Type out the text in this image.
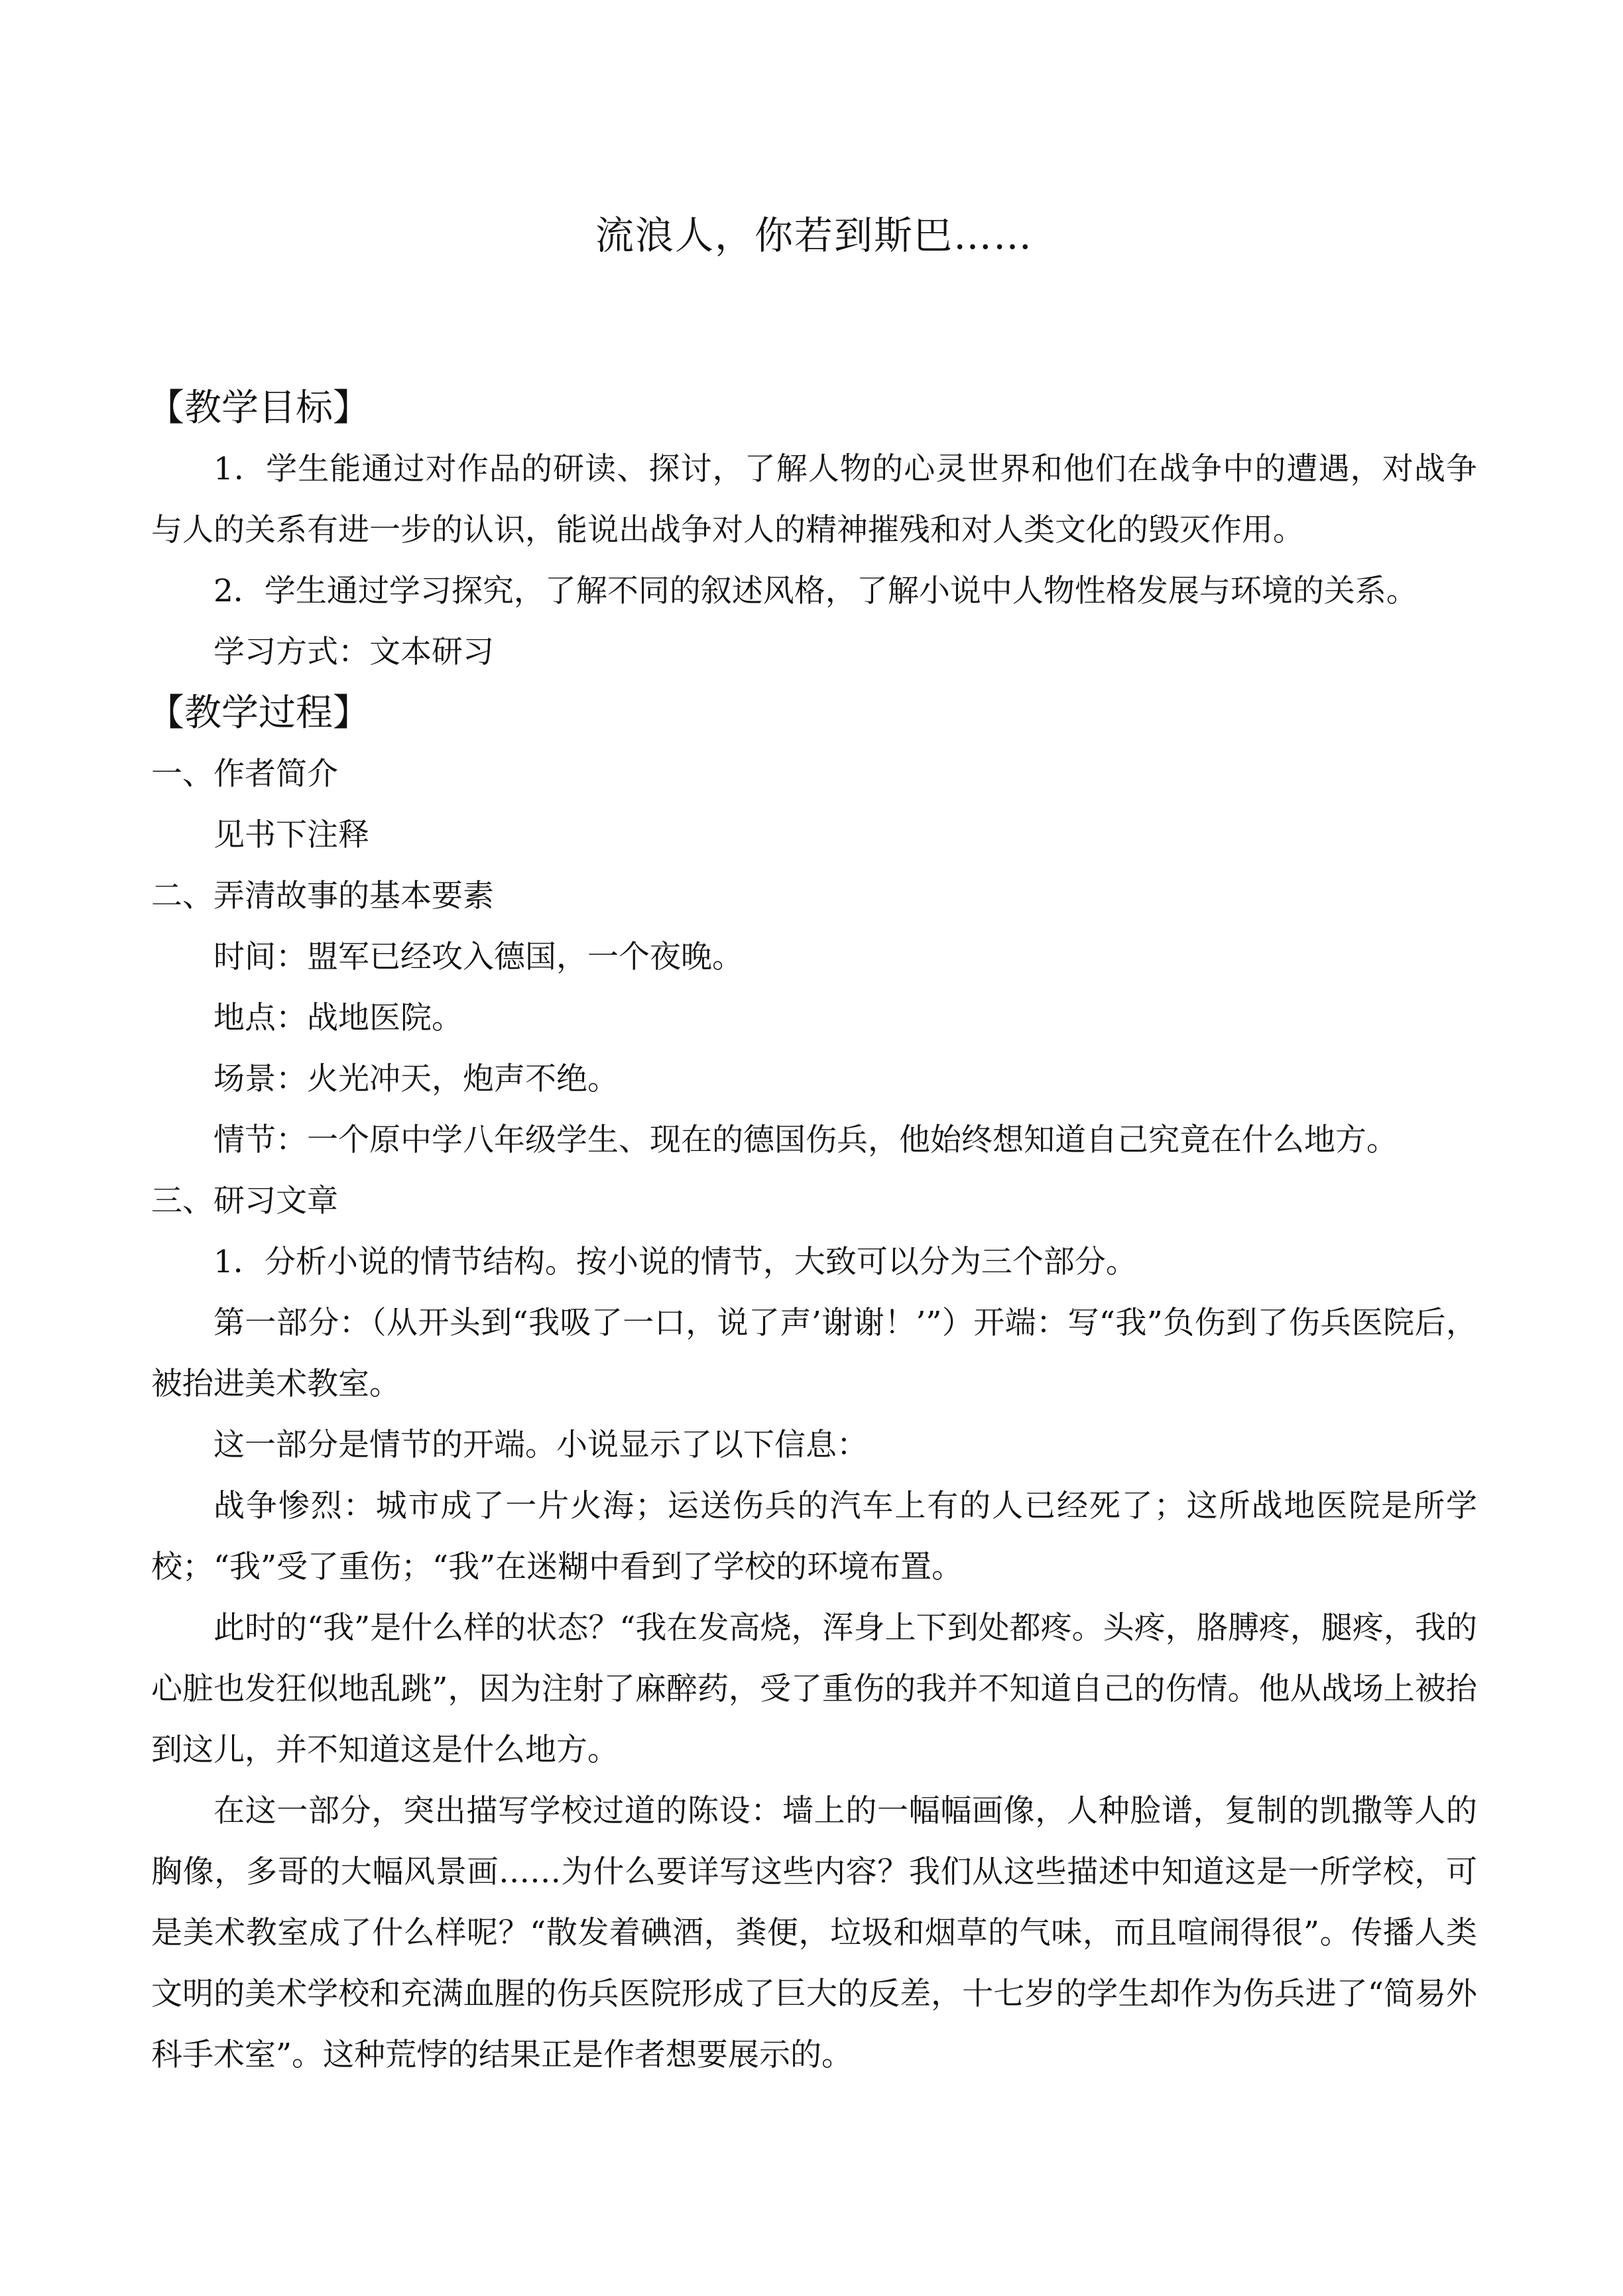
流浪人，你若到斯巴……
【教学目标】

1．学生能通过对作品的研读、探讨，了解人物的心灵世界和他们在战争中的遭遇，对战争与人的关系有进一步的认识，能说出战争对人的精神摧残和对人类文化的毁灭作用。

2．学生通过学习探究，了解不同的叙述风格，了解小说中人物性格发展与环境的关系。

学习方式：文本研习
【教学过程】
一、作者简介
见书下注释
二、弄清故事的基本要素
时间：盟军已经攻入德国，一个夜晚。
地点：战地医院。
场景：火光冲天，炮声不绝。
情节：一个原中学八年级学生、现在的德国伤兵，他始终想知道自己究竟在什么地方。
三、研习文章

1．分析小说的情节结构。按小说的情节，大致可以分为三个部分。

第一部分：（从开头到“我吸了一口，说了声’谢谢！’”）开端：写“我”负伤到了伤兵医院后，被抬进美术教室。

这一部分是情节的开端。小说显示了以下信息：

战争惨烈：城市成了一片火海；运送伤兵的汽车上有的人已经死了；这所战地医院是所学校；“我”受了重伤；“我”在迷糊中看到了学校的环境布置。

此时的“我”是什么样的状态？“我在发高烧，浑身上下到处都疼。头疼，胳膊疼，腿疼，我的心脏也发狂似地乱跳”，因为注射了麻醉药，受了重伤的我并不知道自己的伤情。他从战场上被抬到这儿，并不知道这是什么地方。

在这一部分，突出描写学校过道的陈设：墙上的一幅幅画像，人种脸谱，复制的凯撒等人的胸像，多哥的大幅风景画……为什么要详写这些内容？我们从这些描述中知道这是一所学校，可是美术教室成了什么样呢？“散发着碘酒，粪便，垃圾和烟草的气味，而且喧闹得很”。传播人类文明的美术学校和充满血腥的伤兵医院形成了巨大的反差，十七岁的学生却作为伤兵进了“简易外科手术室”。这种荒悖的结果正是作者想要展示的。
